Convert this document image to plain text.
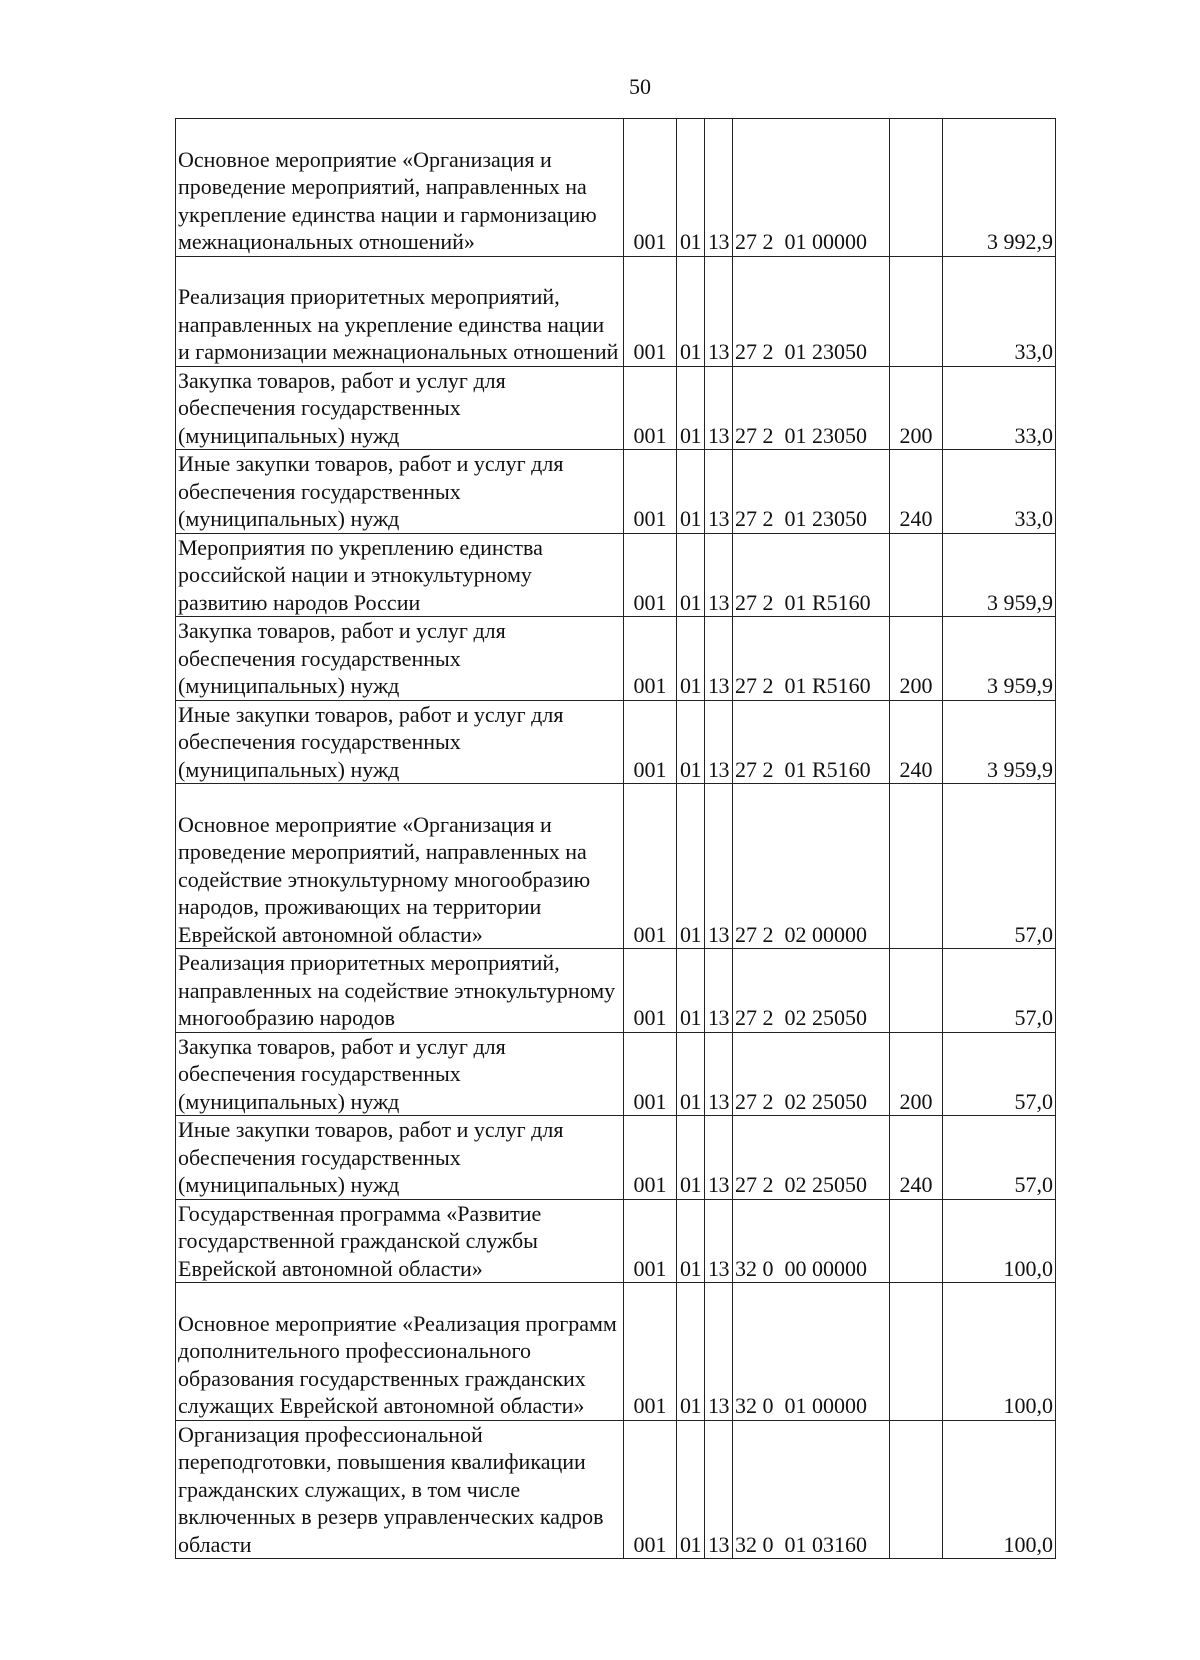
50
Основное мероприятие «Организация и проведение мероприятий, направленных на укрепление единства нации и гармонизацию межнациональных отношений»	001	01	13	27 2  01 00000		3 992,9
Реализация приоритетных мероприятий, направленных на укрепление единства нации и гармонизации межнациональных отношений	001	01	13	27 2  01 23050		33,0
Закупка товаров, работ и услуг для обеспечения государственных (муниципальных) нужд	001	01	13	27 2  01 23050	200	33,0
Иные закупки товаров, работ и услуг для обеспечения государственных (муниципальных) нужд	001	01	13	27 2  01 23050	240	33,0
Мероприятия по укреплению единства российской нации и этнокультурному развитию народов России	001	01	13	27 2  01 R5160		3 959,9
Закупка товаров, работ и услуг для обеспечения государственных (муниципальных) нужд	001	01	13	27 2  01 R5160	200	3 959,9
Иные закупки товаров, работ и услуг для обеспечения государственных (муниципальных) нужд	001	01	13	27 2  01 R5160	240	3 959,9
Основное мероприятие «Организация и проведение мероприятий, направленных на содействие этнокультурному многообразию народов, проживающих на территории Еврейской автономной области»	001	01	13	27 2  02 00000		57,0
Реализация приоритетных мероприятий, направленных на содействие этнокультурному многообразию народов	001	01	13	27 2  02 25050		57,0
Закупка товаров, работ и услуг для обеспечения государственных (муниципальных) нужд	001	01	13	27 2  02 25050	200	57,0
Иные закупки товаров, работ и услуг для обеспечения государственных (муниципальных) нужд	001	01	13	27 2  02 25050	240	57,0
Государственная программа «Развитие государственной гражданской службы Еврейской автономной области»	001	01	13	32 0  00 00000		100,0
Основное мероприятие «Реализация программ дополнительного профессионального образования государственных гражданских служащих Еврейской автономной области»	001	01	13	32 0  01 00000		100,0
Организация профессиональной переподготовки, повышения квалификации гражданских служащих, в том числе включенных в резерв управленческих кадров области	001	01	13	32 0  01 03160		100,0
